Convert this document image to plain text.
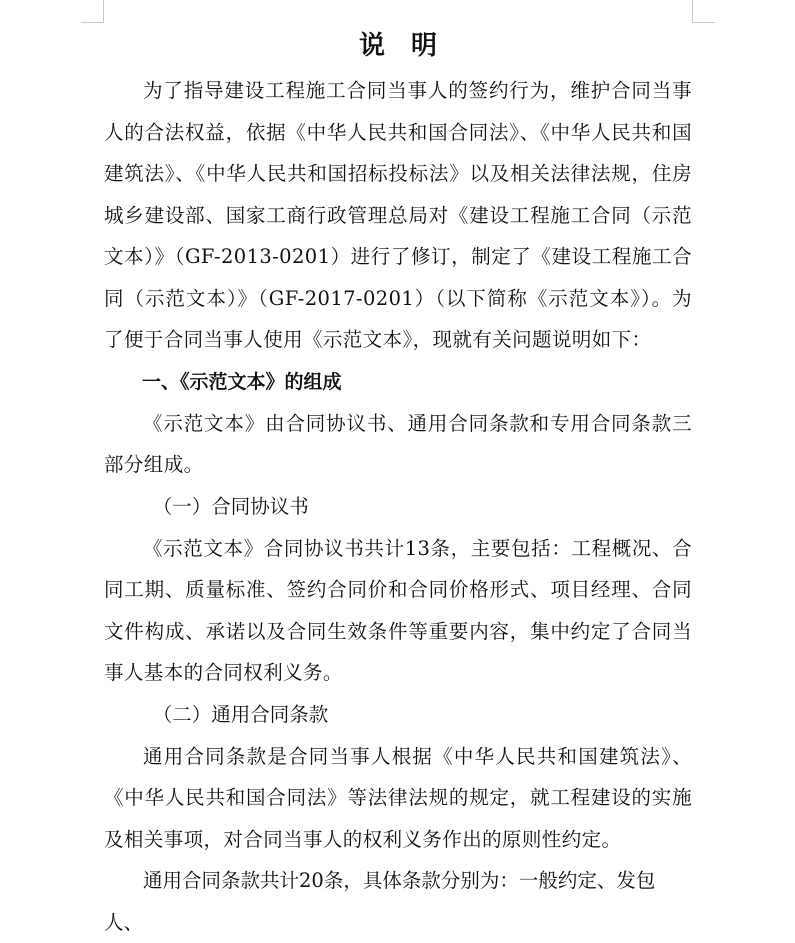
说明

为了指导建设工程施工合同当事人的签约行为，维护合同当事人的合法权益，依据《中华人民共和国合同法》、《中华人民共和国建筑法》、《中华人民共和国招标投标法》以及相关法律法规，住房城乡建设部、国家工商行政管理总局对《建设工程施工合同（示范文本）》（GF-2013-0201）进行了修订，制定了《建设工程施工合同（示范文本）》（GF-2017-0201）（以下简称《示范文本》）。为了便于合同当事人使用《示范文本》，现就有关问题说明如下：

一、《示范文本》的组成

《示范文本》由合同协议书、通用合同条款和专用合同条款三部分组成。

（一）合同协议书

《示范文本》合同协议书共计13条，主要包括：工程概况、合同工期、质量标准、签约合同价和合同价格形式、项目经理、合同文件构成、承诺以及合同生效条件等重要内容，集中约定了合同当事人基本的合同权利义务。

（二）通用合同条款

通用合同条款是合同当事人根据《中华人民共和国建筑法》、《中华人民共和国合同法》等法律法规的规定，就工程建设的实施及相关事项，对合同当事人的权利义务作出的原则性约定。

通用合同条款共计20条，具体条款分别为：一般约定、发包人、
